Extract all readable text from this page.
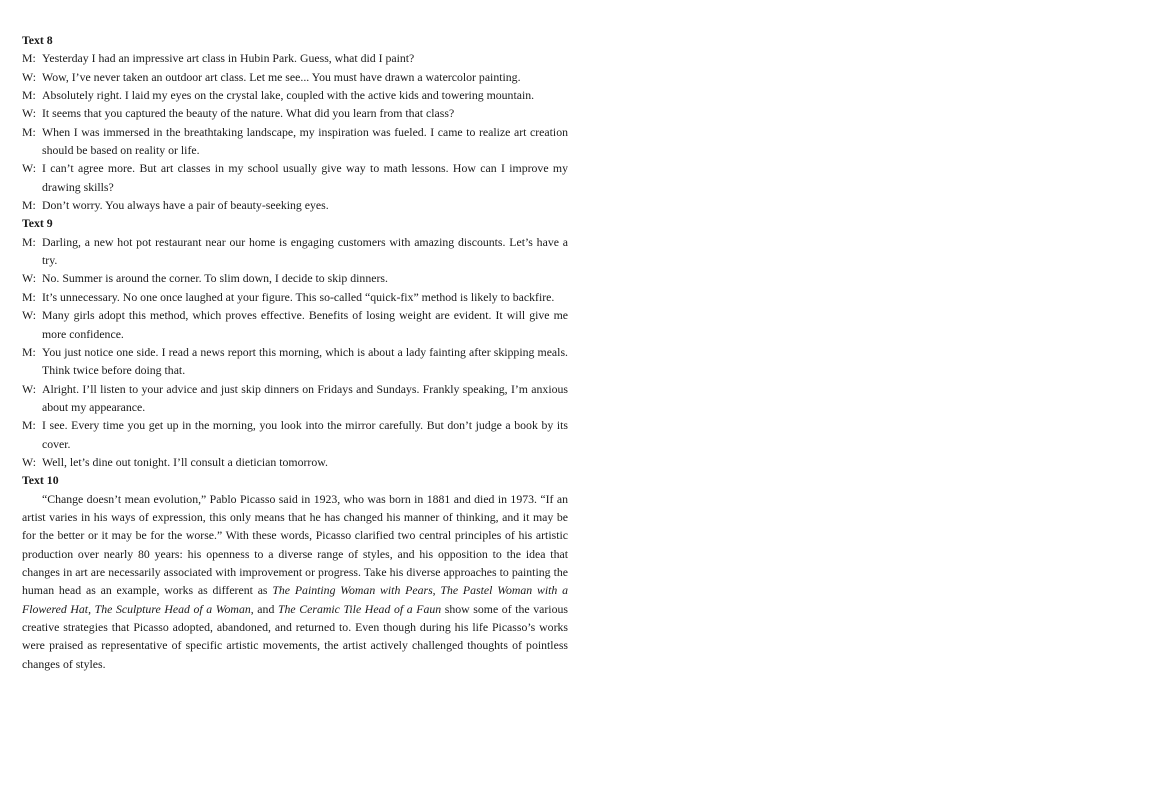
Text 8
M: Yesterday I had an impressive art class in Hubin Park. Guess, what did I paint?
W: Wow, I’ve never taken an outdoor art class. Let me see... You must have drawn a watercolor painting.
M: Absolutely right. I laid my eyes on the crystal lake, coupled with the active kids and towering mountain.
W: It seems that you captured the beauty of the nature. What did you learn from that class?
M: When I was immersed in the breathtaking landscape, my inspiration was fueled. I came to realize art creation should be based on reality or life.
W: I can’t agree more. But art classes in my school usually give way to math lessons. How can I improve my drawing skills?
M: Don’t worry. You always have a pair of beauty-seeking eyes.
Text 9
M: Darling, a new hot pot restaurant near our home is engaging customers with amazing discounts. Let’s have a try.
W: No. Summer is around the corner. To slim down, I decide to skip dinners.
M: It’s unnecessary. No one once laughed at your figure. This so-called “quick-fix” method is likely to backfire.
W: Many girls adopt this method, which proves effective. Benefits of losing weight are evident. It will give me more confidence.
M: You just notice one side. I read a news report this morning, which is about a lady fainting after skipping meals. Think twice before doing that.
W: Alright. I’ll listen to your advice and just skip dinners on Fridays and Sundays. Frankly speaking, I’m anxious about my appearance.
M: I see. Every time you get up in the morning, you look into the mirror carefully. But don’t judge a book by its cover.
W: Well, let’s dine out tonight. I’ll consult a dietician tomorrow.
Text 10

“Change doesn’t mean evolution,” Pablo Picasso said in 1923, who was born in 1881 and died in 1973. “If an artist varies in his ways of expression, this only means that he has changed his manner of thinking, and it may be for the better or it may be for the worse.” With these words, Picasso clarified two central principles of his artistic production over nearly 80 years: his openness to a diverse range of styles, and his opposition to the idea that changes in art are necessarily associated with improvement or progress. Take his diverse approaches to painting the human head as an example, works as different as The Painting Woman with Pears, The Pastel Woman with a Flowered Hat, The Sculpture Head of a Woman, and The Ceramic Tile Head of a Faun show some of the various creative strategies that Picasso adopted, abandoned, and returned to. Even though during his life Picasso’s works were praised as representative of specific artistic movements, the artist actively challenged thoughts of pointless changes of styles.
